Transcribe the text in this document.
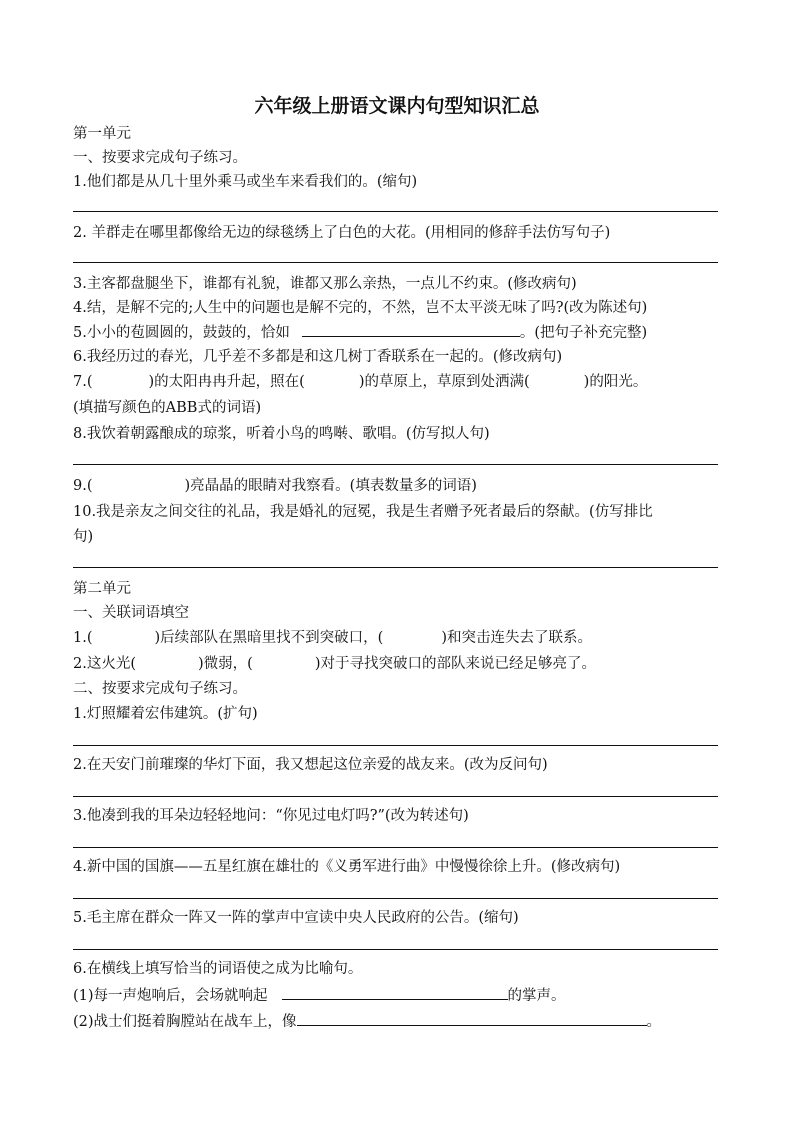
六年级上册语文课内句型知识汇总
第一单元
一、按要求完成句子练习。
1.他们都是从几十里外乘马或坐车来看我们的。(缩句)
2. 羊群走在哪里都像给无边的绿毯绣上了白色的大花。(用相同的修辞手法仿写句子)
3.主客都盘腿坐下，谁都有礼貌，谁都又那么亲热，一点儿不约束。(修改病句)
4.结，是解不完的;人生中的问题也是解不完的，不然，岂不太平淡无味了吗?(改为陈述句)
5.小小的苞圆圆的，鼓鼓的，恰如	。(把句子补充完整)
6.我经历过的春光，几乎差不多都是和这几树丁香联系在一起的。(修改病句)
7.(	)的太阳冉冉升起，照在(	)的草原上，草原到处洒满(	)的阳光。
(填描写颜色的ABB式的词语)
8.我饮着朝露酿成的琼浆，听着小鸟的鸣啭、歌唱。(仿写拟人句)
9.(	)亮晶晶的眼睛对我察看。(填表数量多的词语)
10.我是亲友之间交往的礼品，我是婚礼的冠冕，我是生者赠予死者最后的祭献。(仿写排比
句)
第二单元
一、关联词语填空
1.(	)后续部队在黑暗里找不到突破口，(	)和突击连失去了联系。
2.这火光(	)微弱，(	)对于寻找突破口的部队来说已经足够亮了。
二、按要求完成句子练习。
1.灯照耀着宏伟建筑。(扩句)
2.在天安门前璀璨的华灯下面，我又想起这位亲爱的战友来。(改为反问句)
3.他凑到我的耳朵边轻轻地问：“你见过电灯吗?”(改为转述句)
4.新中国的国旗——五星红旗在雄壮的《义勇军进行曲》中慢慢徐徐上升。(修改病句)
5.毛主席在群众一阵又一阵的掌声中宣读中央人民政府的公告。(缩句)
6.在横线上填写恰当的词语使之成为比喻句。
(1)每一声炮响后，会场就响起	的掌声。
(2)战士们挺着胸膛站在战车上，像	。
